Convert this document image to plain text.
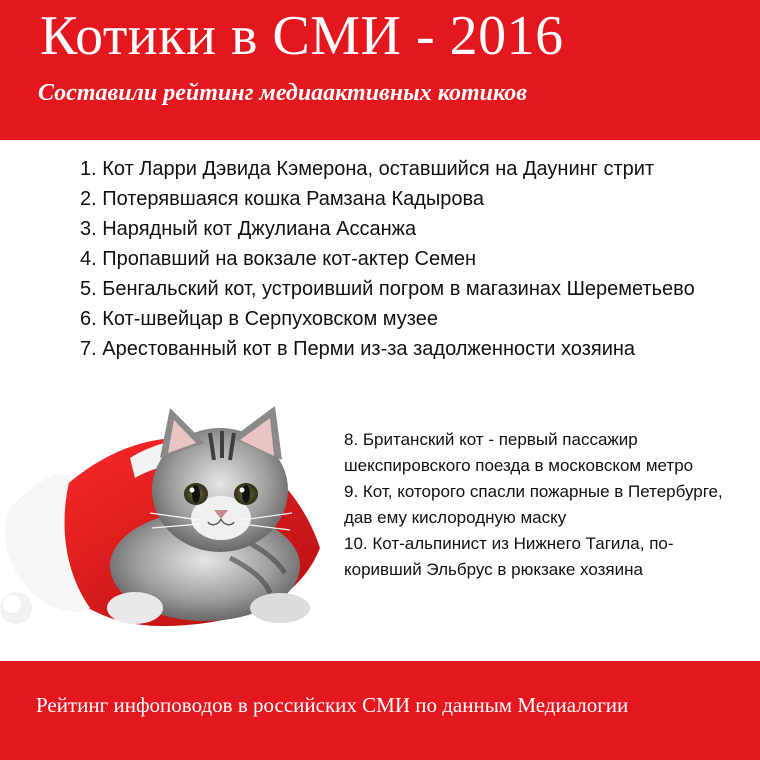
Котики в СМИ - 2016
Составили рейтинг медиаактивных котиков
1. Кот Ларри Дэвида Кэмерона, оставшийся на Даунинг стрит
2. Потерявшаяся кошка Рамзана Кадырова
3. Нарядный кот Джулиана Ассанжа
4. Пропавший на вокзале кот-актер Семен
5. Бенгальский кот, устроивший погром в магазинах Шереметьево
6. Кот-швейцар в Серпуховском музее
7. Арестованный кот в Перми из-за задолженности хозяина
8. Британский кот - первый пассажир шекспировского поезда в московском метро
9. Кот, которого спасли пожарные в Петербурге, дав ему кислородную маску
10. Кот-альпинист из Нижнего Тагила, по-коривший Эльбрус в рюкзаке хозяина

Рейтинг инфоповодов в российских СМИ по данным Медиалогии
